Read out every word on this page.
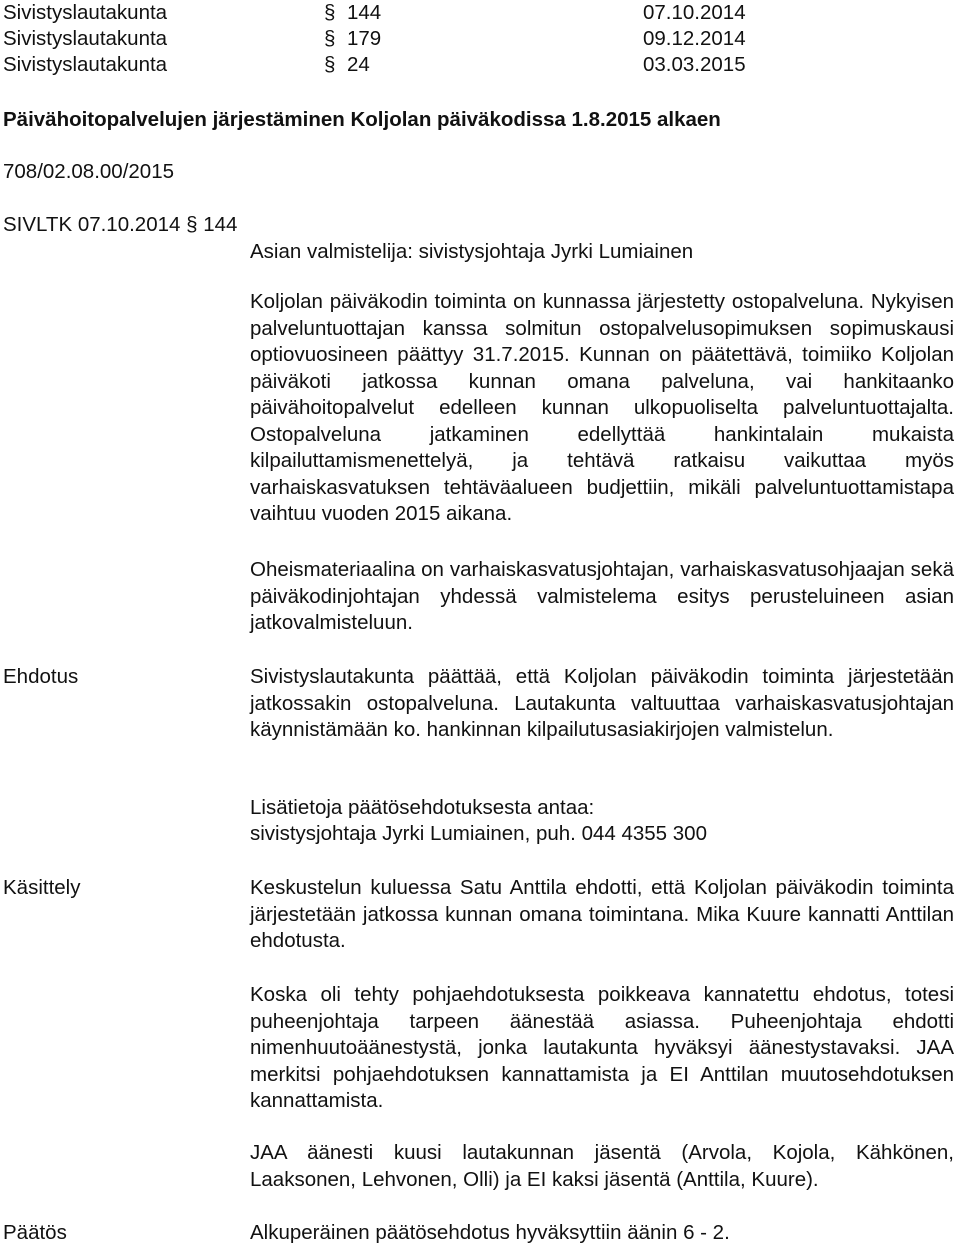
Sivistyslautakunta	§ 144	07.10.2014
Sivistyslautakunta	§ 179	09.12.2014
Sivistyslautakunta	§ 24	03.03.2015
Päivähoitopalvelujen järjestäminen Koljolan päiväkodissa 1.8.2015 alkaen
708/02.08.00/2015
SIVLTK 07.10.2014 § 144
Asian valmistelija: sivistysjohtaja Jyrki Lumiainen
Koljolan päiväkodin toiminta on kunnassa järjestetty ostopalveluna. Nykyisen palveluntuottajan kanssa solmitun ostopalvelusopimuksen sopimuskausi optiovuosineen päättyy 31.7.2015. Kunnan on päätettävä, toimiiko Koljolan päiväkoti jatkossa kunnan omana palveluna, vai hankitaanko päivähoitopalvelut edelleen kunnan ulkopuoliselta palveluntuottajalta. Ostopalveluna jatkaminen edellyttää hankintalain mukaista kilpailuttamismenettelyä, ja tehtävä ratkaisu vaikuttaa myös varhaiskasvatuksen tehtäväalueen budjettiin, mikäli palveluntuottamistapa vaihtuu vuoden 2015 aikana.
Oheismateriaalina on varhaiskasvatusjohtajan, varhaiskasvatusohjaajan sekä päiväkodinjohtajan yhdessä valmistelema esitys perusteluineen asian jatkovalmisteluun.
Ehdotus	Sivistyslautakunta päättää, että Koljolan päiväkodin toiminta järjestetään jatkossakin ostopalveluna. Lautakunta valtuuttaa varhaiskasvatusjohtajan käynnistämään ko. hankinnan kilpailutusasiakirjojen valmistelun.
Lisätietoja päätösehdotuksesta antaa:
sivistysjohtaja Jyrki Lumiainen, puh. 044 4355 300
Käsittely	Keskustelun kuluessa Satu Anttila ehdotti, että Koljolan päiväkodin toiminta järjestetään jatkossa kunnan omana toimintana. Mika Kuure kannatti Anttilan ehdotusta.
Koska oli tehty pohjaehdotuksesta poikkeava kannatettu ehdotus, totesi puheenjohtaja tarpeen äänestää asiassa. Puheenjohtaja ehdotti nimenhuutoäänestystä, jonka lautakunta hyväksyi äänestystavaksi. JAA merkitsi pohjaehdotuksen kannattamista ja EI Anttilan muutosehdotuksen kannattamista.
JAA äänesti kuusi lautakunnan jäsentä (Arvola, Kojola, Kähkönen, Laaksonen, Lehvonen, Olli) ja EI kaksi jäsentä (Anttila, Kuure).
Päätös	Alkuperäinen päätösehdotus hyväksyttiin äänin 6 - 2.
